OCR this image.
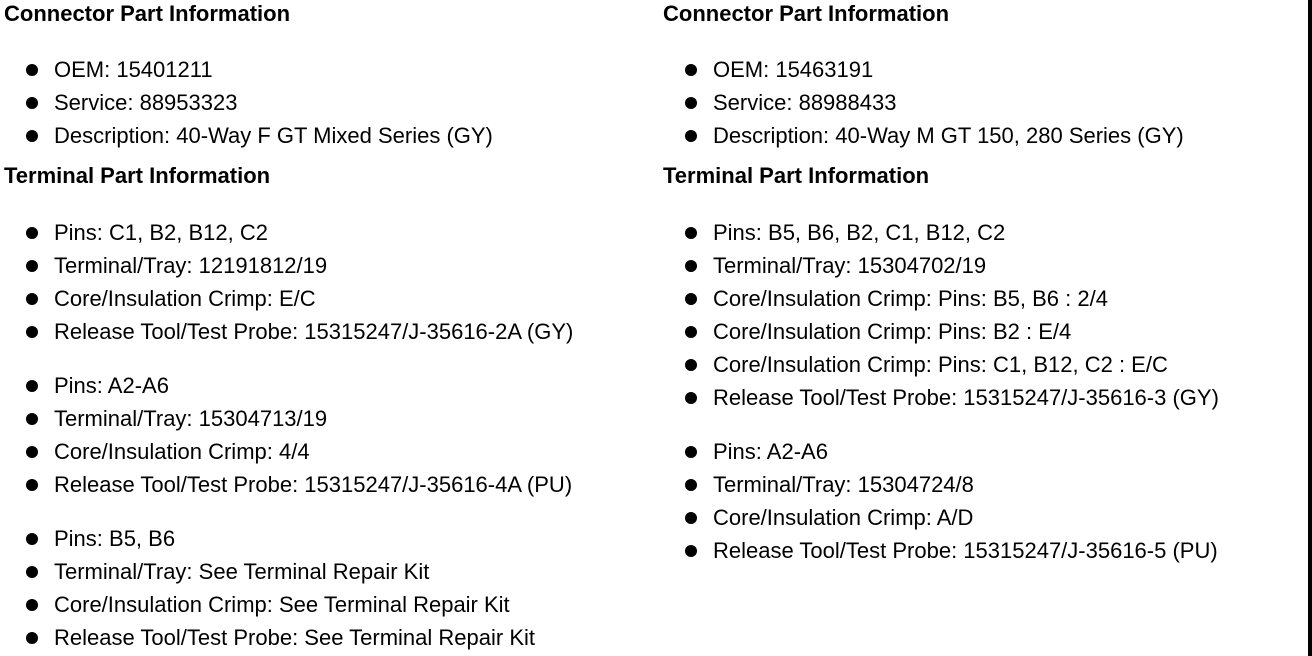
Connector Part Information
OEM: 15401211
Service: 88953323
Description: 40-Way F GT Mixed Series (GY)
Terminal Part Information
Pins: C1, B2, B12, C2
Terminal/Tray: 12191812/19
Core/Insulation Crimp: E/C
Release Tool/Test Probe: 15315247/J-35616-2A (GY)
Pins: A2-A6
Terminal/Tray: 15304713/19
Core/Insulation Crimp: 4/4
Release Tool/Test Probe: 15315247/J-35616-4A (PU)
Pins: B5, B6
Terminal/Tray: See Terminal Repair Kit
Core/Insulation Crimp: See Terminal Repair Kit
Release Tool/Test Probe: See Terminal Repair Kit
Connector Part Information
OEM: 15463191
Service: 88988433
Description: 40-Way M GT 150, 280 Series (GY)
Terminal Part Information
Pins: B5, B6, B2, C1, B12, C2
Terminal/Tray: 15304702/19
Core/Insulation Crimp: Pins: B5, B6 : 2/4
Core/Insulation Crimp: Pins: B2 : E/4
Core/Insulation Crimp: Pins: C1, B12, C2 : E/C
Release Tool/Test Probe: 15315247/J-35616-3 (GY)
Pins: A2-A6
Terminal/Tray: 15304724/8
Core/Insulation Crimp: A/D
Release Tool/Test Probe: 15315247/J-35616-5 (PU)
